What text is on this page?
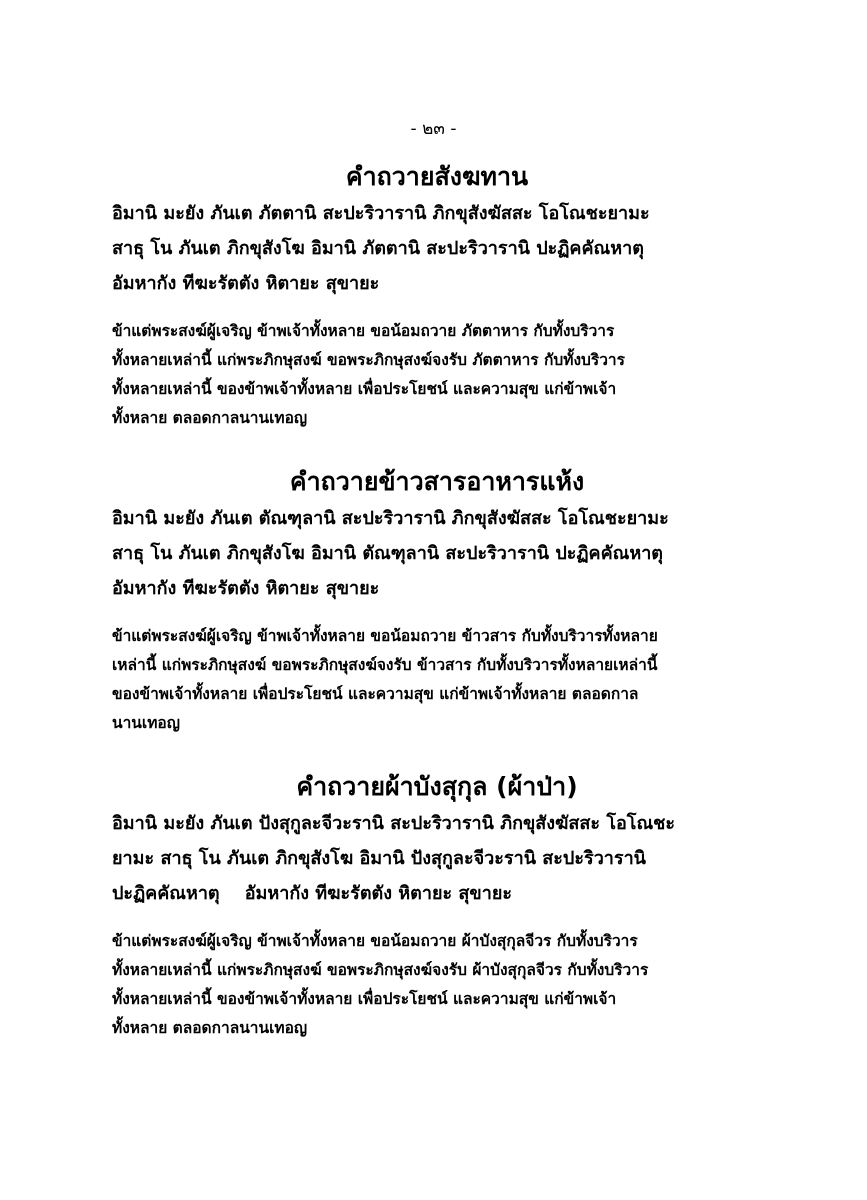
- ๒๓ -
คำถวายสังฆทาน
อิมานิ มะยัง ภันเต ภัตตานิ สะปะริวารานิ ภิกขุสังฆัสสะ โอโณชะยามะ
สาธุ โน ภันเต ภิกขุสังโฆ อิมานิ ภัตตานิ สะปะริวารานิ ปะฏิคคัณหาตุ
อัมหากัง ทีฆะรัตตัง หิตายะ สุขายะ
ข้าแต่พระสงฆ์ผู้เจริญ ข้าพเจ้าทั้งหลาย ขอน้อมถวาย ภัตตาหาร กับทั้งบริวาร
ทั้งหลายเหล่านี้ แก่พระภิกษุสงฆ์ ขอพระภิกษุสงฆ์จงรับ ภัตตาหาร กับทั้งบริวาร
ทั้งหลายเหล่านี้ ของข้าพเจ้าทั้งหลาย เพื่อประโยชน์ และความสุข แก่ข้าพเจ้า
ทั้งหลาย ตลอดกาลนานเทอญ
คำถวายข้าวสารอาหารแห้ง
อิมานิ มะยัง ภันเต ตัณฑุลานิ สะปะริวารานิ ภิกขุสังฆัสสะ โอโณชะยามะ
สาธุ โน ภันเต ภิกขุสังโฆ อิมานิ ตัณฑุลานิ สะปะริวารานิ ปะฏิคคัณหาตุ
อัมหากัง ทีฆะรัตตัง หิตายะ สุขายะ
ข้าแต่พระสงฆ์ผู้เจริญ ข้าพเจ้าทั้งหลาย ขอน้อมถวาย ข้าวสาร กับทั้งบริวารทั้งหลาย
เหล่านี้ แก่พระภิกษุสงฆ์ ขอพระภิกษุสงฆ์จงรับ ข้าวสาร กับทั้งบริวารทั้งหลายเหล่านี้
ของข้าพเจ้าทั้งหลาย เพื่อประโยชน์ และความสุข แก่ข้าพเจ้าทั้งหลาย ตลอดกาล
นานเทอญ
คำถวายผ้าบังสุกุล (ผ้าป่า)
อิมานิ มะยัง ภันเต ปังสุกูละจีวะรานิ สะปะริวารานิ ภิกขุสังฆัสสะ โอโณชะ
ยามะ สาธุ โน ภันเต ภิกขุสังโฆ อิมานิ ปังสุกูละจีวะรานิ สะปะริวารานิ
ปะฏิคคัณหาตุ    อัมหากัง ทีฆะรัตตัง หิตายะ สุขายะ
ข้าแต่พระสงฆ์ผู้เจริญ ข้าพเจ้าทั้งหลาย ขอน้อมถวาย ผ้าบังสุกุลจีวร กับทั้งบริวาร
ทั้งหลายเหล่านี้ แก่พระภิกษุสงฆ์ ขอพระภิกษุสงฆ์จงรับ ผ้าบังสุกุลจีวร กับทั้งบริวาร
ทั้งหลายเหล่านี้ ของข้าพเจ้าทั้งหลาย เพื่อประโยชน์ และความสุข แก่ข้าพเจ้า
ทั้งหลาย ตลอดกาลนานเทอญ
